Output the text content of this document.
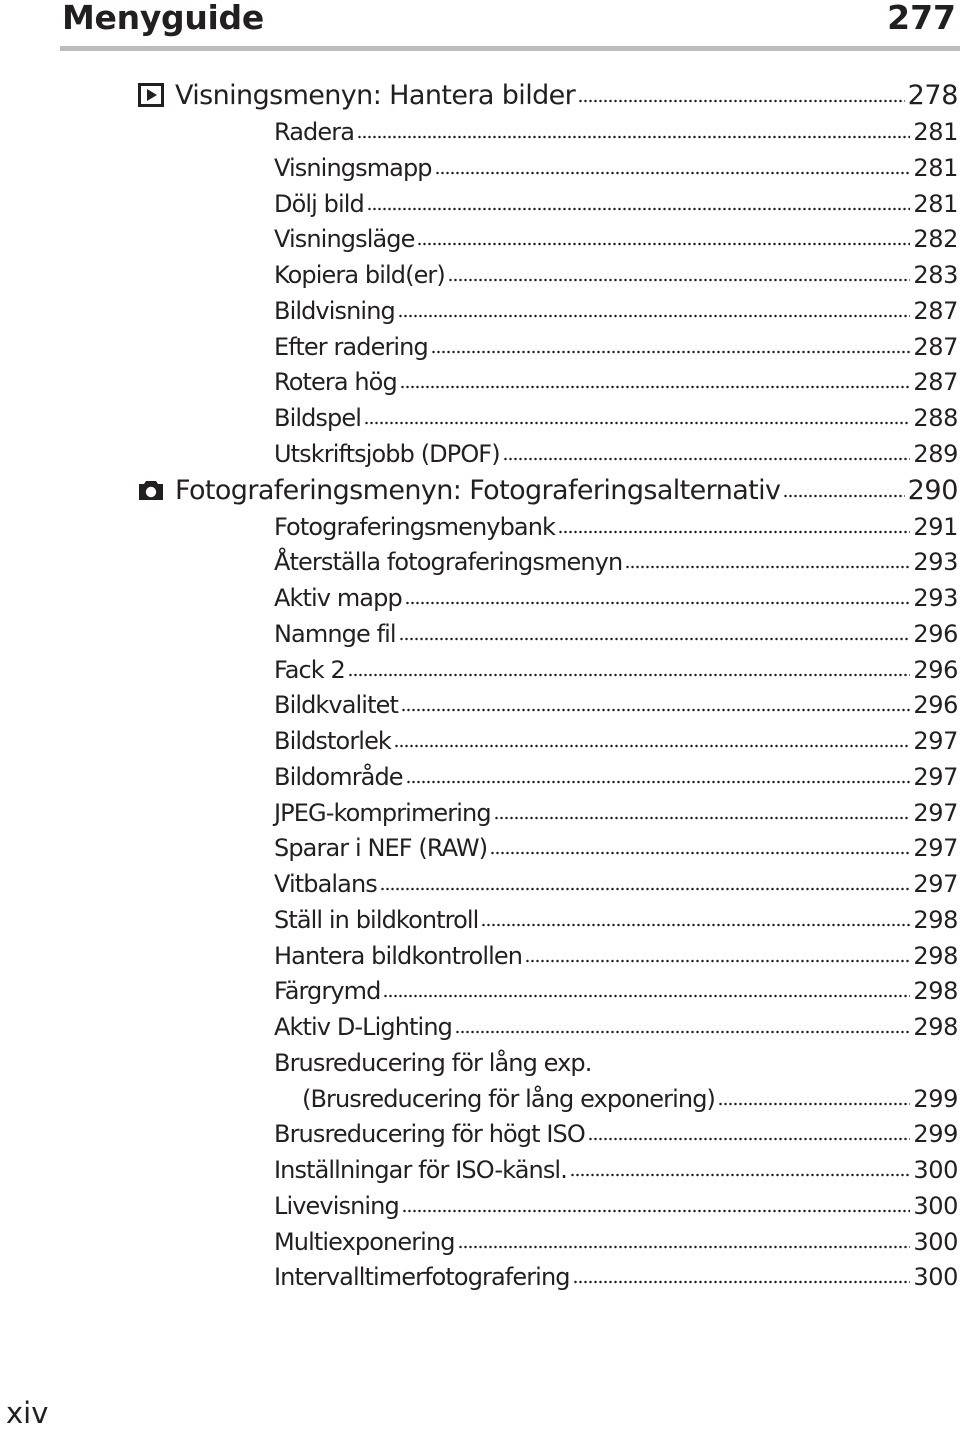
Menyguide	277
Visningsmenyn: Hantera bilder	278
Radera	281
Visningsmapp	281
Dölj bild	281
Visningsläge	282
Kopiera bild(er)	283
Bildvisning	287
Efter radering	287
Rotera hög	287
Bildspel	288
Utskriftsjobb (DPOF)	289
Fotograferingsmenyn: Fotograferingsalternativ	290
Fotograferingsmenybank	291
Återställa fotograferingsmenyn	293
Aktiv mapp	293
Namnge fil	296
Fack 2	296
Bildkvalitet	296
Bildstorlek	297
Bildområde	297
JPEG-komprimering	297
Sparar i NEF (RAW)	297
Vitbalans	297
Ställ in bildkontroll	298
Hantera bildkontrollen	298
Färgrymd	298
Aktiv D-Lighting	298
Brusreducering för lång exp.
(Brusreducering för lång exponering)	299
Brusreducering för högt ISO	299
Inställningar för ISO-känsl.	300
Livevisning	300
Multiexponering	300
Intervalltimerfotografering	300
xiv
